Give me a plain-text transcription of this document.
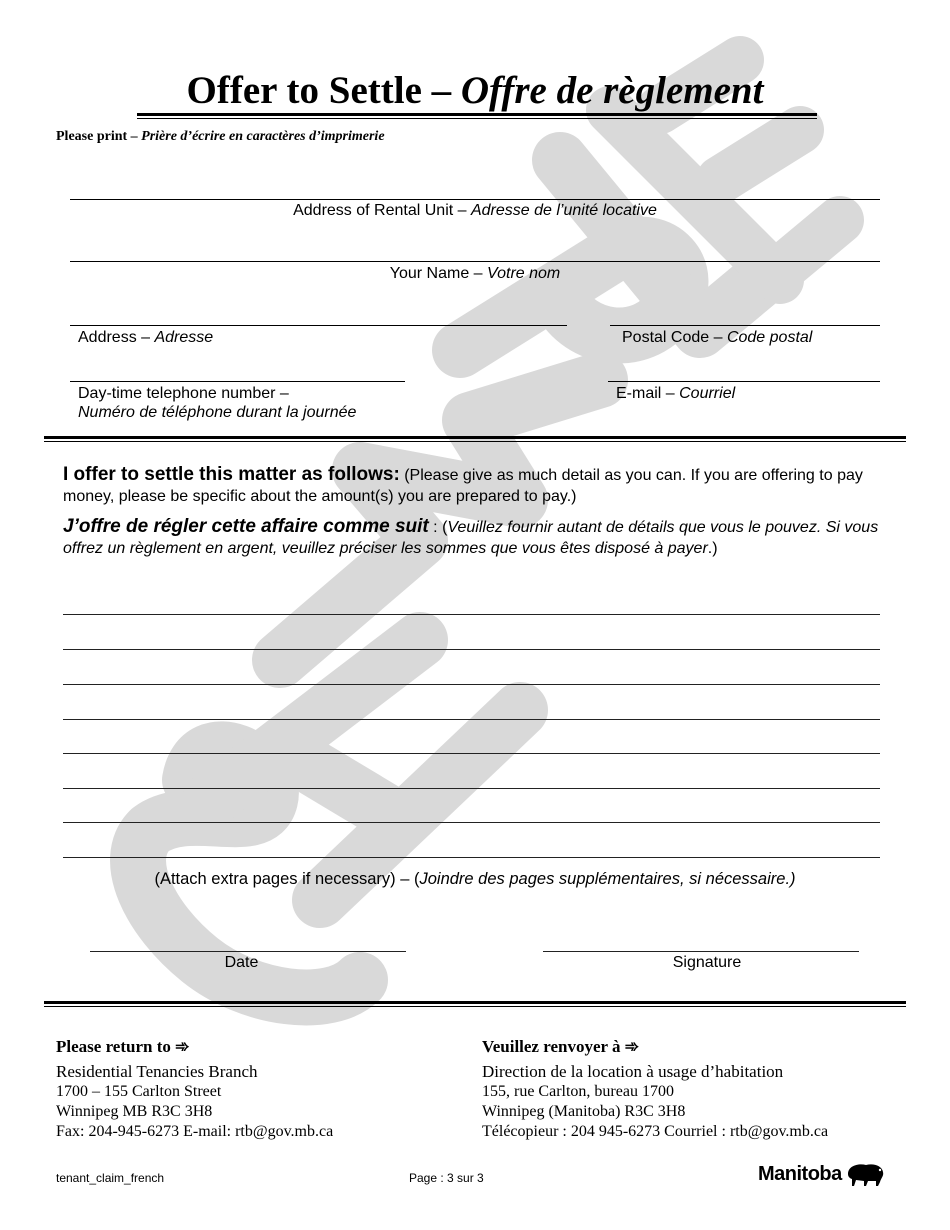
Offer to Settle – Offre de règlement
Please print – Prière d’écrire en caractères d’imprimerie
Address of Rental Unit – Adresse de l’unité locative
Your Name – Votre nom
Address – Adresse	Postal Code – Code postal
Day-time telephone number –
Numéro de téléphone durant la journée
E-mail – Courriel
I offer to settle this matter as follows: (Please give as much detail as you can. If you are offering to pay money, please be specific about the amount(s) you are prepared to pay.)
J’offre de régler cette affaire comme suit : (Veuillez fournir autant de détails que vous le pouvez. Si vous offrez un règlement en argent, veuillez préciser les sommes que vous êtes disposé à payer.)
(Attach extra pages if necessary) – (Joindre des pages supplémentaires, si nécessaire.)
Date	Signature
Please return to ➾
Residential Tenancies Branch
1700 – 155 Carlton Street
Winnipeg MB R3C 3H8
Fax: 204-945-6273 E-mail: rtb@gov.mb.ca
Veuillez renvoyer à ➾
Direction de la location à usage d’habitation
155, rue Carlton, bureau 1700
Winnipeg (Manitoba) R3C 3H8
Télécopieur : 204 945-6273 Courriel : rtb@gov.mb.ca
tenant_claim_french	Page : 3 sur 3	Manitoba
